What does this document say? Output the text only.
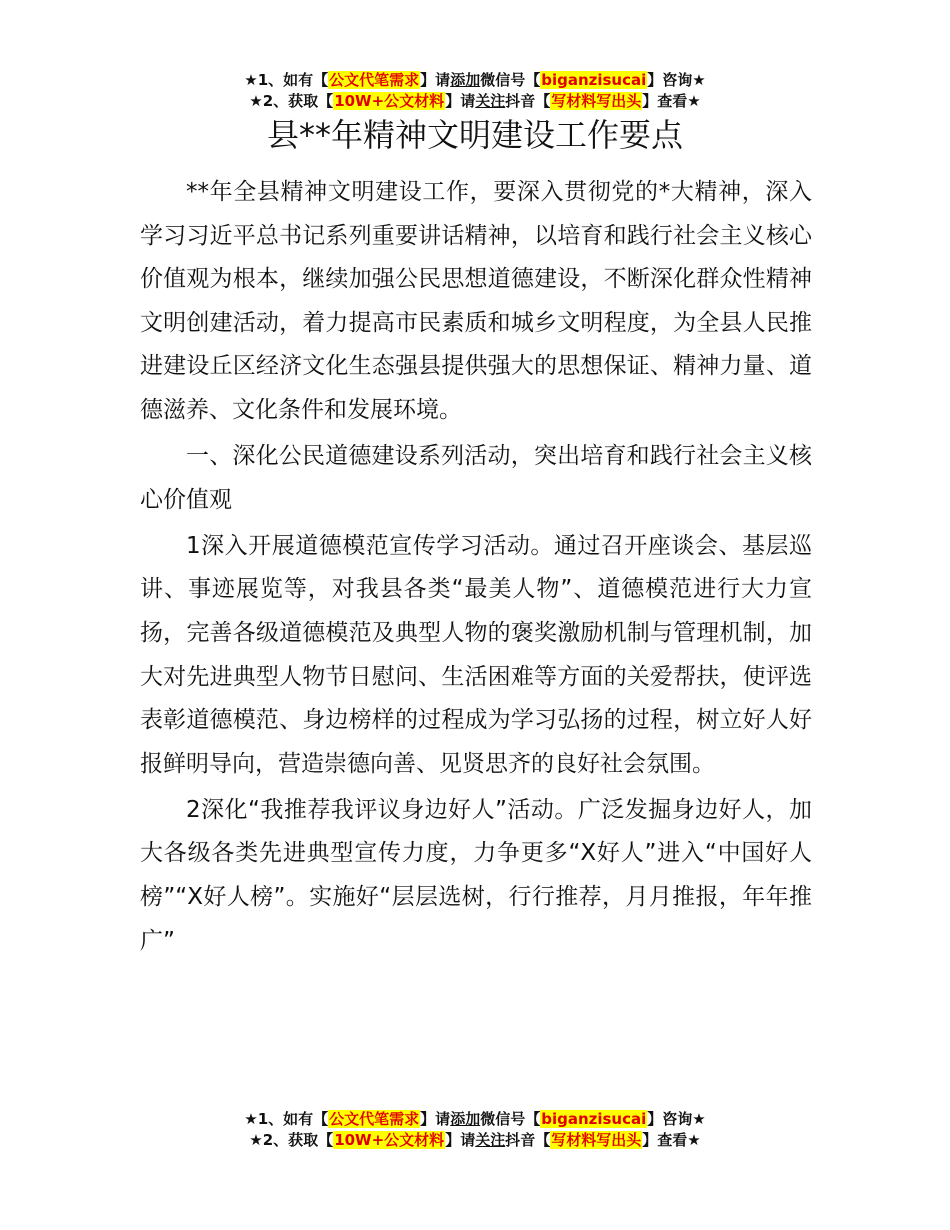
★1、如有【公文代笔需求】请添加微信号【biganzisucai】咨询★
★2、获取【10W+公文材料】请关注抖音【写材料写出头】查看★
县**年精神文明建设工作要点

**年全县精神文明建设工作，要深入贯彻党的*大精神，深入学习习近平总书记系列重要讲话精神，以培育和践行社会主义核心价值观为根本，继续加强公民思想道德建设，不断深化群众性精神文明创建活动，着力提高市民素质和城乡文明程度，为全县人民推进建设丘区经济文化生态强县提供强大的思想保证、精神力量、道德滋养、文化条件和发展环境。

一、深化公民道德建设系列活动，突出培育和践行社会主义核心价值观

1深入开展道德模范宣传学习活动。通过召开座谈会、基层巡讲、事迹展览等，对我县各类“最美人物”、道德模范进行大力宣扬，完善各级道德模范及典型人物的褒奖激励机制与管理机制，加大对先进典型人物节日慰问、生活困难等方面的关爱帮扶，使评选表彰道德模范、身边榜样的过程成为学习弘扬的过程，树立好人好报鲜明导向，营造崇德向善、见贤思齐的良好社会氛围。

2深化“我推荐我评议身边好人”活动。广泛发掘身边好人，加大各级各类先进典型宣传力度，力争更多“X好人”进入“中国好人榜”“X好人榜”。实施好“层层选树，行行推荐，月月推报，年年推广”

★1、如有【公文代笔需求】请添加微信号【biganzisucai】咨询★
★2、获取【10W+公文材料】请关注抖音【写材料写出头】查看★
